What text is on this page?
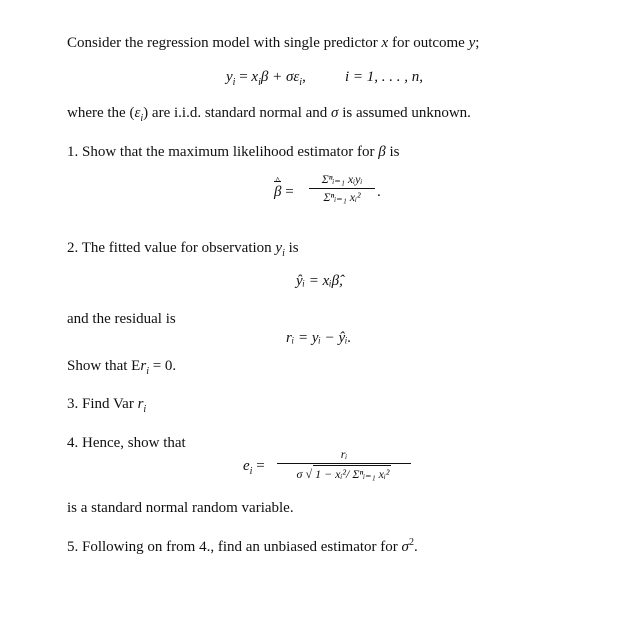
Consider the regression model with single predictor x for outcome y;
$y_i = x_i\beta + \sigma\varepsilon_i$,	i = 1, . . . , n,
where the $(\varepsilon_i)$ are i.i.d. standard normal and σ is assumed unknown.
1. Show that the maximum likelihood estimator for β is
^
β =
Σⁿᵢ₌₁ xᵢyᵢ
Σⁿᵢ₌₁ xᵢ²	.
2. The fitted value for observation $y_i$ is
ŷᵢ = xᵢβ̂,
and the residual is
rᵢ = yᵢ − ŷᵢ.
Show that $Er_i = 0$.
3. Find Var $r_i$
4. Hence, show that
$e_i$ =
rᵢ
σ √ 1 − xᵢ²/ Σⁿᵢ₌₁ xᵢ²
is a standard normal random variable.
5. Following on from 4., find an unbiased estimator for $\sigma^2$.
